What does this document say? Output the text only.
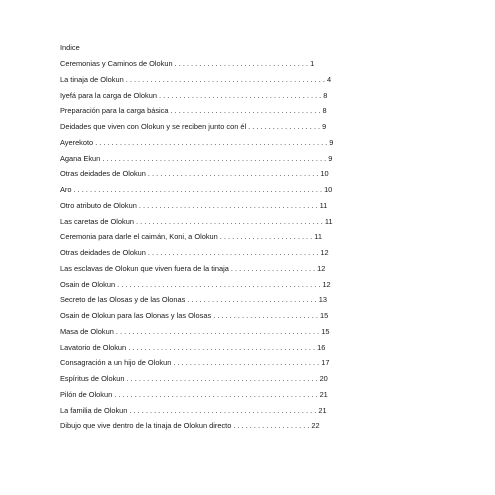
Indice
Ceremonias y Caminos de Olokun . . . . . . . . . . . . . . . . . . . . . . . . . . . . . . . . . 1
La tinaja de Olokun . . . . . . . . . . . . . . . . . . . . . . . . . . . . . . . . . . . . . . . . . . . . . . . . . 4
Iyefá para la carga de Olokun . . . . . . . . . . . . . . . . . . . . . . . . . . . . . . . . . . . . . . . . 8
Preparación para la carga básica . . . . . . . . . . . . . . . . . . . . . . . . . . . . . . . . . . . . . 8
Deidades que viven con Olokun y se reciben junto con él . . . . . . . . . . . . . . . . . . 9
Ayerekoto . . . . . . . . . . . . . . . . . . . . . . . . . . . . . . . . . . . . . . . . . . . . . . . . . . . . . . . . . 9
Agana Ekun . . . . . . . . . . . . . . . . . . . . . . . . . . . . . . . . . . . . . . . . . . . . . . . . . . . . . . . 9
Otras deidades de Olokun . . . . . . . . . . . . . . . . . . . . . . . . . . . . . . . . . . . . . . . . . . 10
Aro . . . . . . . . . . . . . . . . . . . . . . . . . . . . . . . . . . . . . . . . . . . . . . . . . . . . . . . . . . . . . 10
Otro atributo de Olokun . . . . . . . . . . . . . . . . . . . . . . . . . . . . . . . . . . . . . . . . . . . . 11
Las caretas de Olokun . . . . . . . . . . . . . . . . . . . . . . . . . . . . . . . . . . . . . . . . . . . . . . 11
Ceremonia para darle el caimán, Koni, a Olokun . . . . . . . . . . . . . . . . . . . . . . . 11
Otras deidades de Olokun . . . . . . . . . . . . . . . . . . . . . . . . . . . . . . . . . . . . . . . . . . 12
Las esclavas de Olokun que viven fuera de la tinaja . . . . . . . . . . . . . . . . . . . . . 12
Osain de Olokun . . . . . . . . . . . . . . . . . . . . . . . . . . . . . . . . . . . . . . . . . . . . . . . . . . 12
Secreto de las Olosas y de las Olonas . . . . . . . . . . . . . . . . . . . . . . . . . . . . . . . . 13
Osain de Olokun para las Olonas y las Olosas . . . . . . . . . . . . . . . . . . . . . . . . . . 15
Masa de Olokun . . . . . . . . . . . . . . . . . . . . . . . . . . . . . . . . . . . . . . . . . . . . . . . . . . 15
Lavatorio de Olokun . . . . . . . . . . . . . . . . . . . . . . . . . . . . . . . . . . . . . . . . . . . . . . 16
Consagración a un hijo de Olokun . . . . . . . . . . . . . . . . . . . . . . . . . . . . . . . . . . . . 17
Espíritus de Olokun . . . . . . . . . . . . . . . . . . . . . . . . . . . . . . . . . . . . . . . . . . . . . . . 20
Pilón de Olokun . . . . . . . . . . . . . . . . . . . . . . . . . . . . . . . . . . . . . . . . . . . . . . . . . . 21
La familia de Olokun . . . . . . . . . . . . . . . . . . . . . . . . . . . . . . . . . . . . . . . . . . . . . . 21
Dibujo que vive dentro de la tinaja de Olokun directo . . . . . . . . . . . . . . . . . . . 22
